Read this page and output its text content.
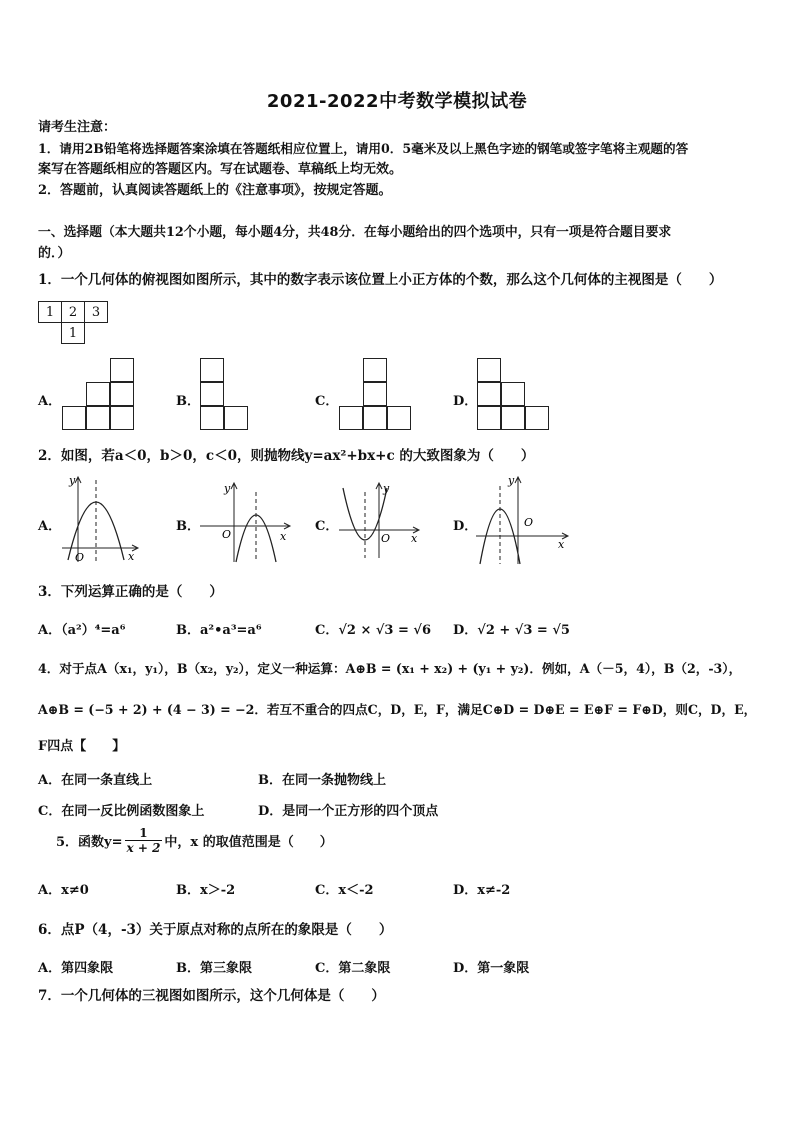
2021-2022中考数学模拟试卷
请考生注意：
1．请用2B铅笔将选择题答案涂填在答题纸相应位置上，请用0．5毫米及以上黑色字迹的钢笔或签字笔将主观题的答
案写在答题纸相应的答题区内。写在试题卷、草稿纸上均无效。
2．答题前，认真阅读答题纸上的《注意事项》，按规定答题。
一、选择题（本大题共12个小题，每小题4分，共48分．在每小题给出的四个选项中，只有一项是符合题目要求
的．）
1．一个几何体的俯视图如图所示，其中的数字表示该位置上小正方体的个数，那么这个几何体的主视图是（　　）
1	2	3
	1	
A．	B．	C．	D．
2．如图，若a＜0，b＞0，c＜0，则抛物线y=ax²+bx+c 的大致图象为（　　）
A．
y
x
O
B．
y
x
O
C．
y
x
O
D．
y
x
O
3．下列运算正确的是（　　）
A．（a²）⁴=a⁶	B．a²•a³=a⁶	C．√2 × √3 = √6 D．√2 + √3 = √5
4．对于点A（x₁，y₁），B（x₂，y₂），定义一种运算：A⊕B = (x₁ + x₂) + (y₁ + y₂)．例如，A（－5，4），B（2，-3），
A⊕B = (−5 + 2) + (4 − 3) = −2．若互不重合的四点C，D，E，F，满足C⊕D = D⊕E = E⊕F = F⊕D，则C，D，E，
F四点【　　】
A．在同一条直线上	B．在同一条抛物线上
C．在同一反比例函数图象上	D．是同一个正方形的四个顶点
5．函数$y= \frac{1}{x + 2}$ 中，x 的取值范围是（　　）
A．x≠0	B．x＞-2	C．x＜-2	D．x≠-2
6．点P（4，-3）关于原点对称的点所在的象限是（　　）
A．第四象限	B．第三象限	C．第二象限	D．第一象限
7．一个几何体的三视图如图所示，这个几何体是（　　）
